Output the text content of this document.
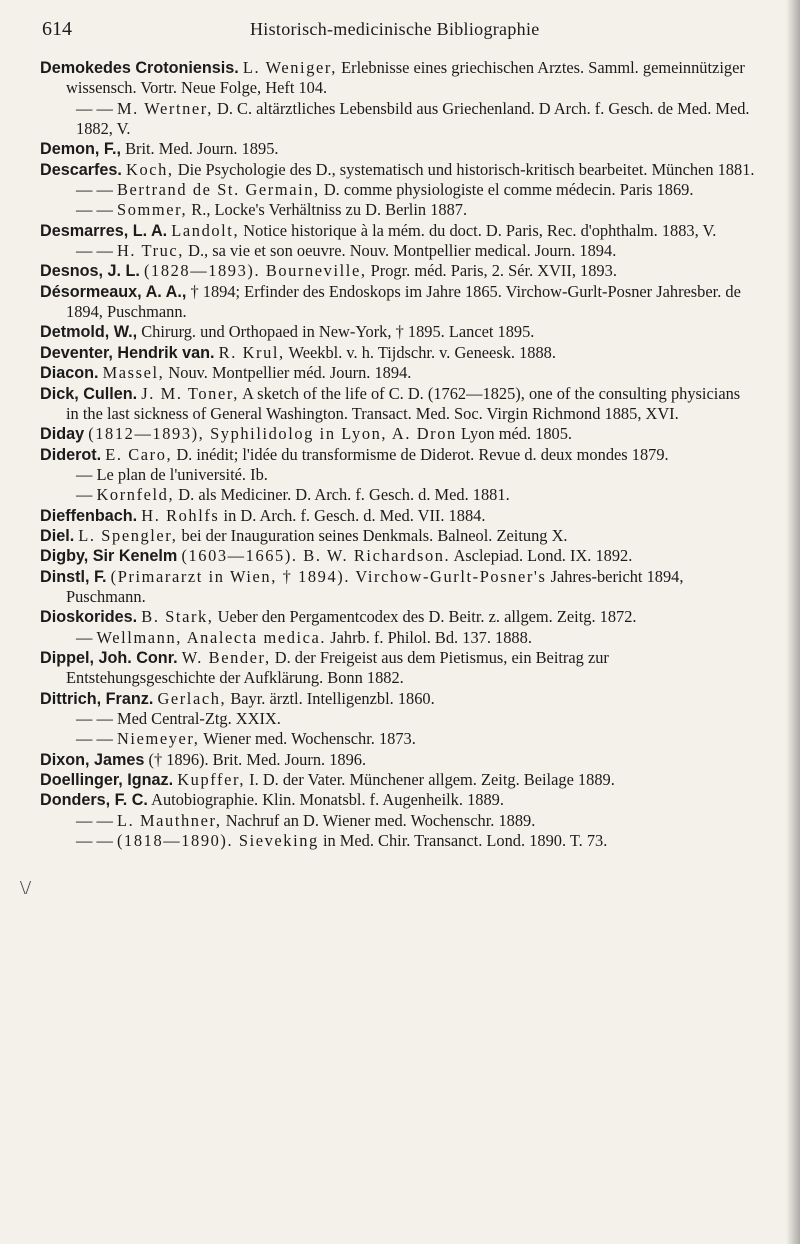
614	Historisch-medicinische Bibliographie
\/

Demokedes Crotoniensis. L. Weniger, Erlebnisse eines griechischen Arztes. Samml. gemeinnütziger wissensch. Vortr. Neue Folge, Heft 104.

— — M. Wertner, D. C. altärztliches Lebensbild aus Griechenland. D Arch. f. Gesch. de Med. Med. 1882, V.

Demon, F., Brit. Med. Journ. 1895.

Descarfes. Koch, Die Psychologie des D., systematisch und historisch-kritisch bearbeitet. München 1881.

— — Bertrand de St. Germain, D. comme physiologiste el comme médecin. Paris 1869.

— — Sommer, R., Locke's Verhältniss zu D. Berlin 1887.

Desmarres, L. A. Landolt, Notice historique à la mém. du doct. D. Paris, Rec. d'ophthalm. 1883, V.

— — H. Truc, D., sa vie et son oeuvre. Nouv. Montpellier medical. Journ. 1894.

Desnos, J. L. (1828—1893). Bourneville, Progr. méd. Paris, 2. Sér. XVII, 1893.

Désormeaux, A. A., † 1894; Erfinder des Endoskops im Jahre 1865. Virchow-Gurlt-Posner Jahresber. de 1894, Puschmann.

Detmold, W., Chirurg. und Orthopaed in New-York, † 1895. Lancet 1895.

Deventer, Hendrik van. R. Krul, Weekbl. v. h. Tijdschr. v. Geneesk. 1888.

Diacon. Massel, Nouv. Montpellier méd. Journ. 1894.

Dick, Cullen. J. M. Toner, A sketch of the life of C. D. (1762—1825), one of the consulting physicians in the last sickness of General Washington. Transact. Med. Soc. Virgin Richmond 1885, XVI.

Diday (1812—1893), Syphilidolog in Lyon, A. Dron Lyon méd. 1805.

Diderot. E. Caro, D. inédit; l'idée du transformisme de Diderot. Revue d. deux mondes 1879.

— Le plan de l'université. Ib.

— Kornfeld, D. als Mediciner. D. Arch. f. Gesch. d. Med. 1881.

Dieffenbach. H. Rohlfs in D. Arch. f. Gesch. d. Med. VII. 1884.

Diel. L. Spengler, bei der Inauguration seines Denkmals. Balneol. Zeitung X.

Digby, Sir Kenelm (1603—1665). B. W. Richardson. Asclepiad. Lond. IX. 1892.

Dinstl, F. (Primararzt in Wien, † 1894). Virchow-Gurlt-Posner's Jahres-bericht 1894, Puschmann.

Dioskorides. B. Stark, Ueber den Pergamentcodex des D. Beitr. z. allgem. Zeitg. 1872.

— Wellmann, Analecta medica. Jahrb. f. Philol. Bd. 137. 1888.

Dippel, Joh. Conr. W. Bender, D. der Freigeist aus dem Pietismus, ein Beitrag zur Entstehungsgeschichte der Aufklärung. Bonn 1882.

Dittrich, Franz. Gerlach, Bayr. ärztl. Intelligenzbl. 1860.

— — Med Central-Ztg. XXIX.

— — Niemeyer, Wiener med. Wochenschr. 1873.

Dixon, James († 1896). Brit. Med. Journ. 1896.

Doellinger, Ignaz. Kupffer, I. D. der Vater. Münchener allgem. Zeitg. Beilage 1889.

Donders, F. C. Autobiographie. Klin. Monatsbl. f. Augenheilk. 1889.

— — L. Mauthner, Nachruf an D. Wiener med. Wochenschr. 1889.

— — (1818—1890). Sieveking in Med. Chir. Transanct. Lond. 1890. T. 73.
